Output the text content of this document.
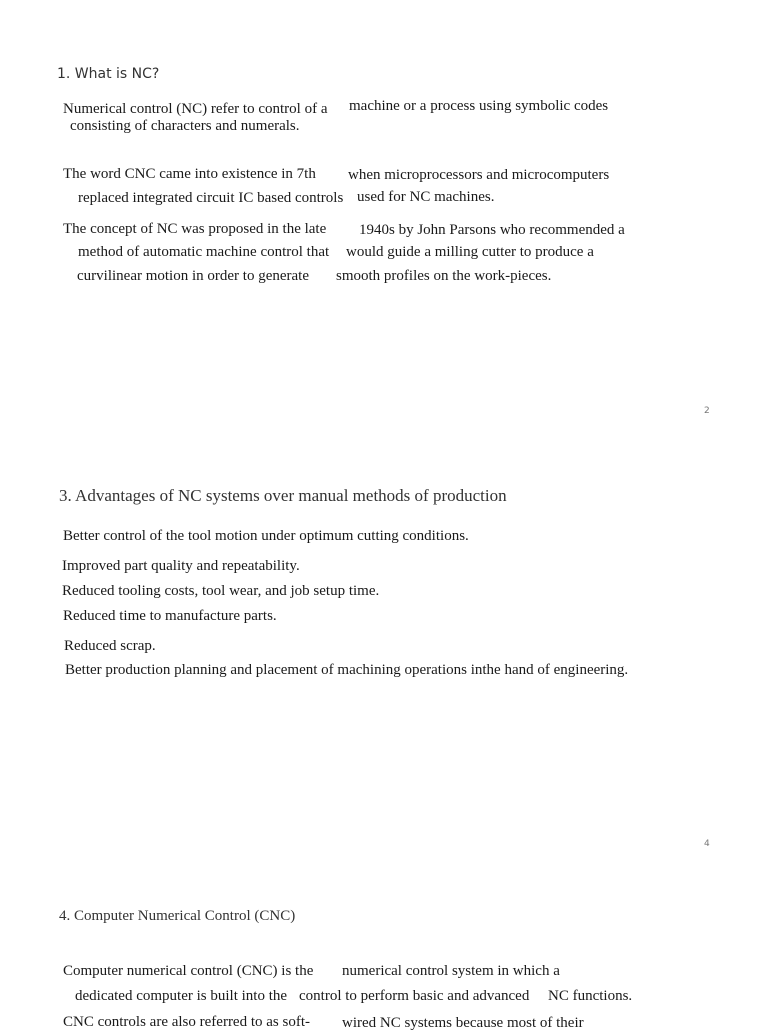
1. What is NC?
Numerical control (NC) refer to control of a machine or a process using symbolic codes
consisting of characters and numerals.
The word CNC came into existence in 7th when microprocessors and microcomputers
replaced integrated circuit IC based controls used for NC machines.
The concept of NC was proposed in the late 1940s by John Parsons who recommended a
method of automatic machine control that would guide a milling cutter to produce a
curvilinear motion in order to generate smooth profiles on the work-pieces.
2
3. Advantages of NC systems over manual methods of production
Better control of the tool motion under optimum cutting conditions.
Improved part quality and repeatability.
Reduced tooling costs, tool wear, and job setup time.
Reduced time to manufacture parts.
Reduced scrap.
Better production planning and placement of machining operations inthe hand of engineering.
4
4. Computer Numerical Control (CNC)
Computer numerical control (CNC) is the numerical control system in which a
dedicated computer is built into the control to perform basic and advanced NC functions.
CNC controls are also referred to as soft- wired NC systems because most of their
